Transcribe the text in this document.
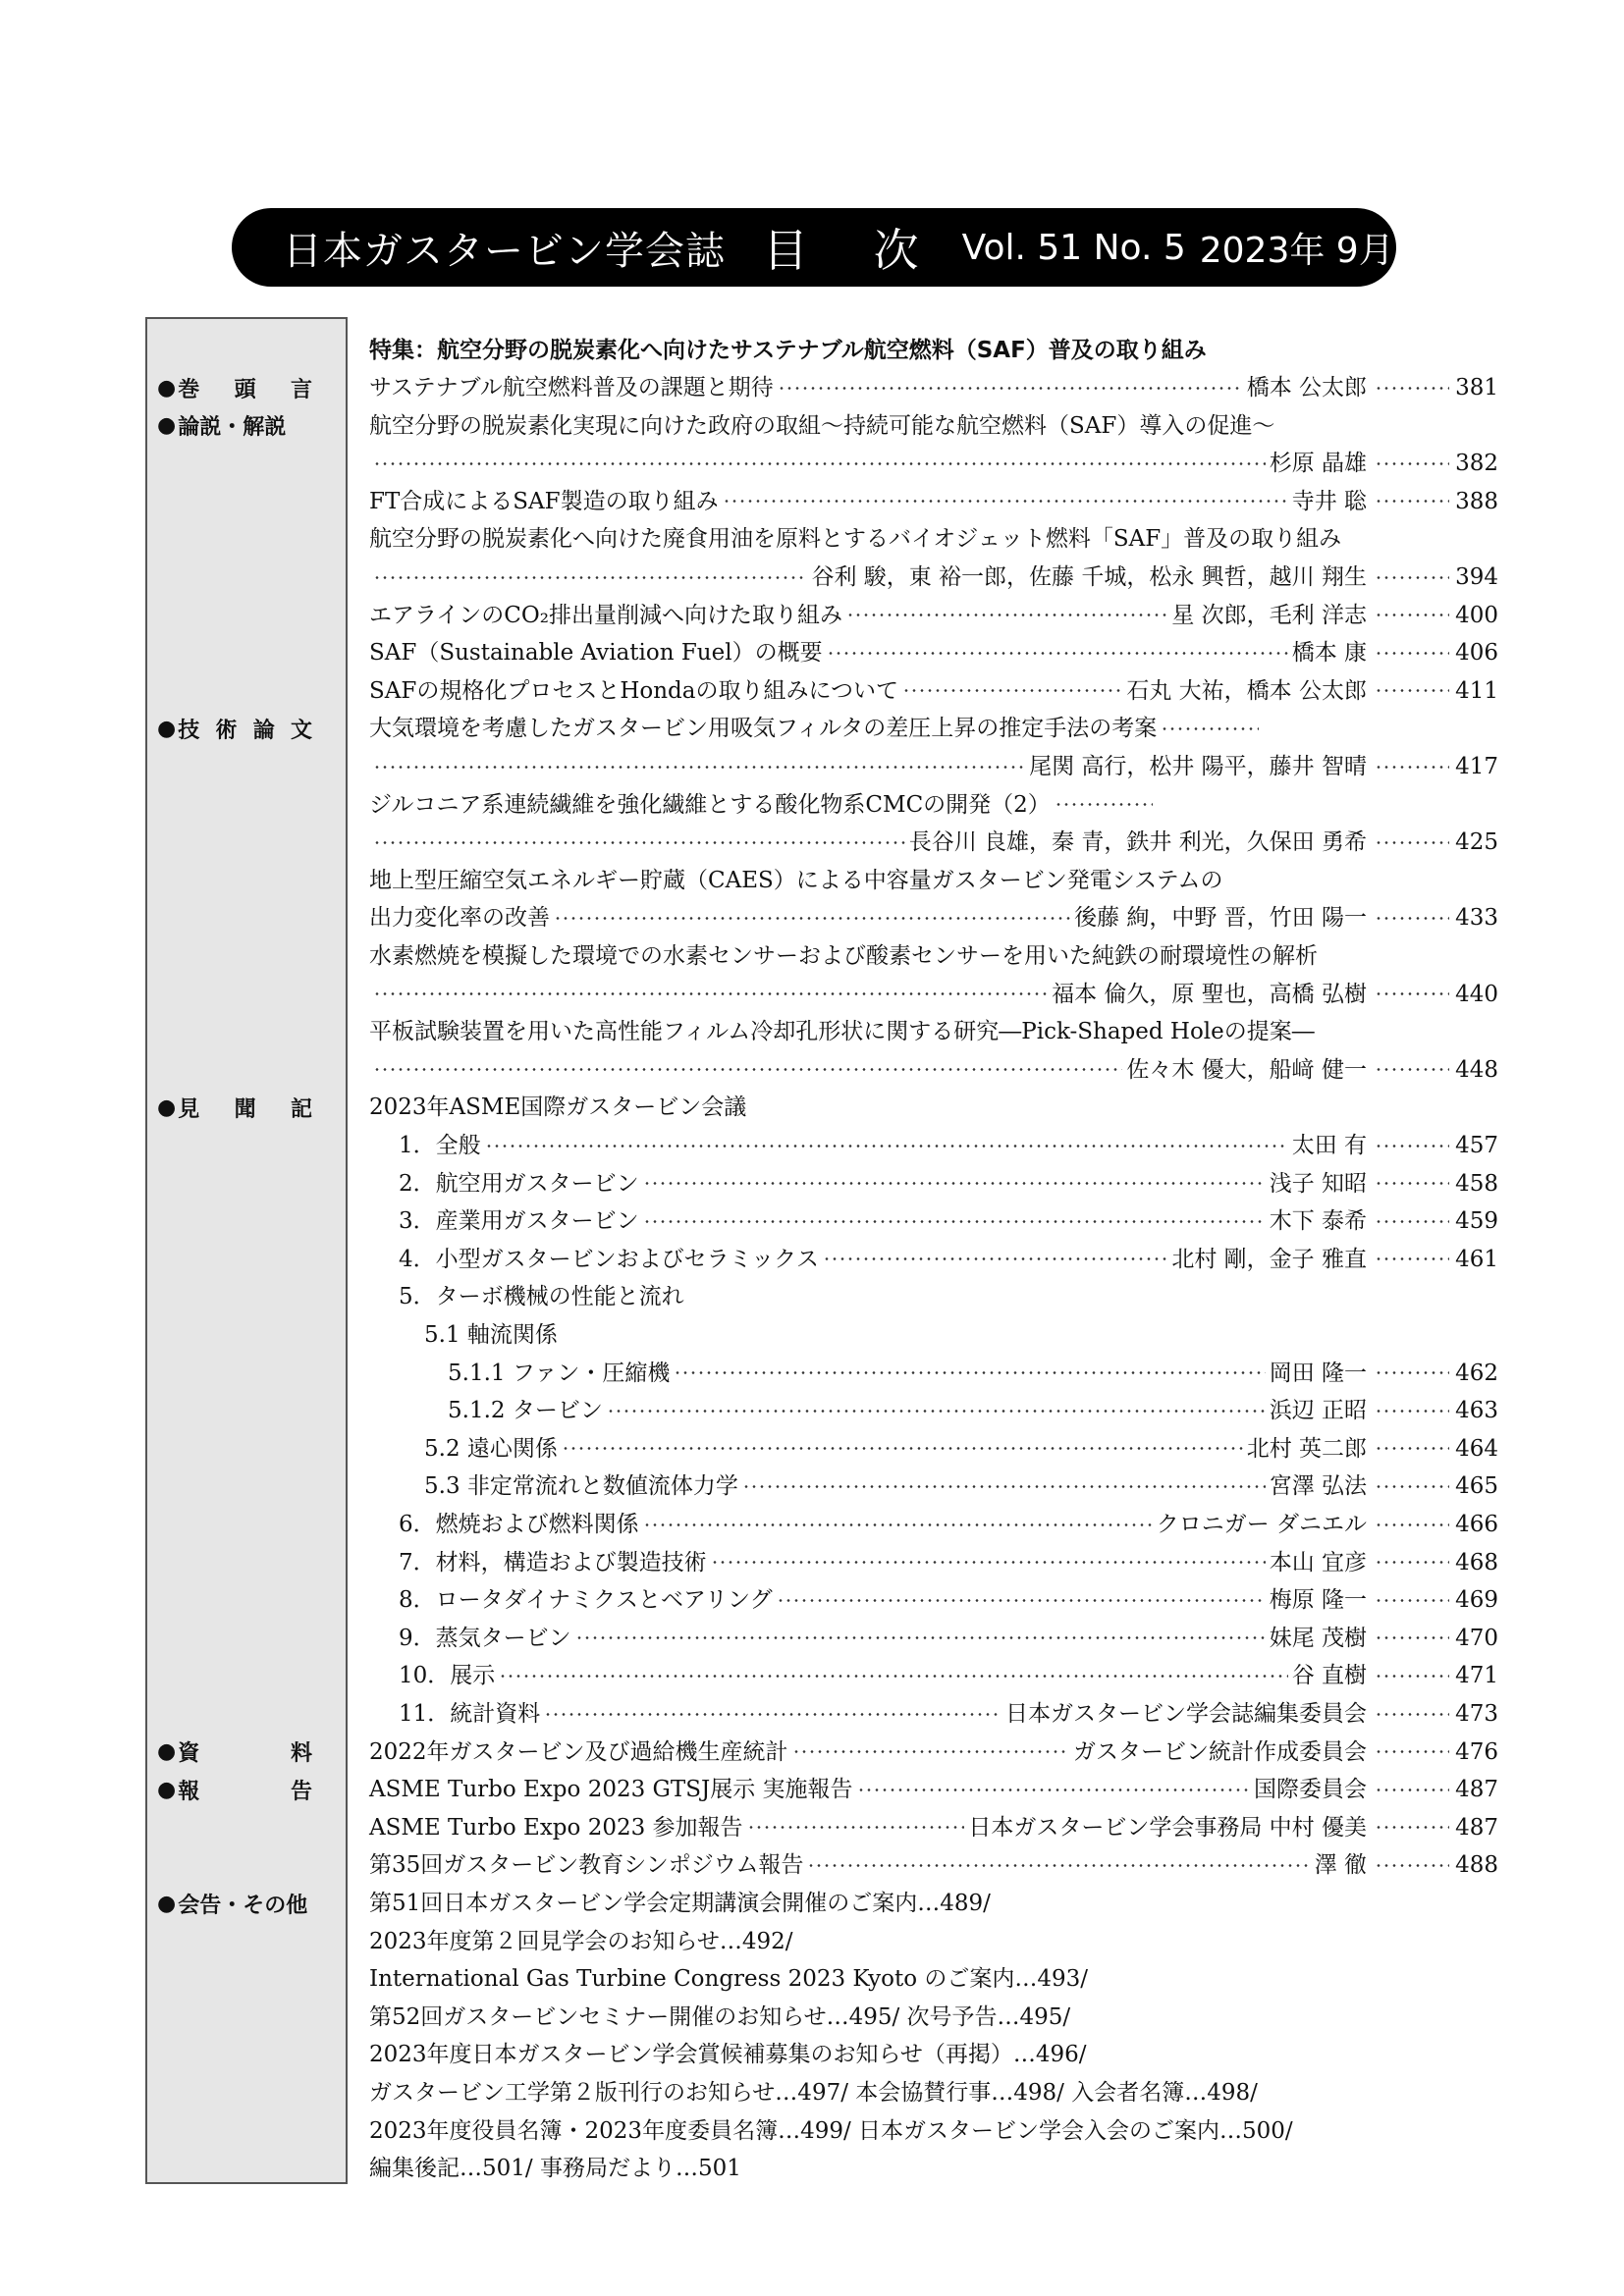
日本ガスタービン学会誌 目 次 Vol. 51 No. 5 2023年 9月
● 巻 頭 言
● 論説・解説
● 技 術 論 文
● 見 聞 記
● 資	料
● 報	告
● 会告・その他
特集：航空分野の脱炭素化へ向けたサステナブル航空燃料（SAF）普及の取り組み
サステナブル航空燃料普及の課題と期待	橋本 公太郎	381
航空分野の脱炭素化実現に向けた政府の取組～持続可能な航空燃料（SAF）導入の促進～
杉原 晶雄	382
FT合成によるSAF製造の取り組み	寺井 聡	388
航空分野の脱炭素化へ向けた廃食用油を原料とするバイオジェット燃料「SAF」普及の取り組み
谷利 駿，東 裕一郎，佐藤 千城，松永 興哲，越川 翔生	394
エアラインのCO₂排出量削減へ向けた取り組み	星 次郎，毛利 洋志	400
SAF（Sustainable Aviation Fuel）の概要	橋本 康	406
SAFの規格化プロセスとHondaの取り組みについて	石丸 大祐，橋本 公太郎	411
大気環境を考慮したガスタービン用吸気フィルタの差圧上昇の推定手法の考案
尾関 高行，松井 陽平，藤井 智晴	417
ジルコニア系連続繊維を強化繊維とする酸化物系CMCの開発（2）
長谷川 良雄，秦 青，鉄井 利光，久保田 勇希	425
地上型圧縮空気エネルギー貯蔵（CAES）による中容量ガスタービン発電システムの
出力変化率の改善	後藤 絢，中野 晋，竹田 陽一	433
水素燃焼を模擬した環境での水素センサーおよび酸素センサーを用いた純鉄の耐環境性の解析
福本 倫久，原 聖也，高橋 弘樹	440
平板試験装置を用いた高性能フィルム冷却孔形状に関する研究―Pick-Shaped Holeの提案―
佐々木 優大，船﨑 健一	448
2023年ASME国際ガスタービン会議
1．全般	太田 有	457
2．航空用ガスタービン	浅子 知昭	458
3．産業用ガスタービン	木下 泰希	459
4．小型ガスタービンおよびセラミックス	北村 剛，金子 雅直	461
5．ターボ機械の性能と流れ
5.1 軸流関係
5.1.1 ファン・圧縮機	岡田 隆一	462
5.1.2 タービン	浜辺 正昭	463
5.2 遠心関係	北村 英二郎	464
5.3 非定常流れと数値流体力学	宮澤 弘法	465
6．燃焼および燃料関係	クロニガー ダニエル	466
7．材料，構造および製造技術	本山 宜彦	468
8．ロータダイナミクスとベアリング	梅原 隆一	469
9．蒸気タービン	妹尾 茂樹	470
10．展示	谷 直樹	471
11．統計資料	日本ガスタービン学会誌編集委員会	473
2022年ガスタービン及び過給機生産統計	ガスタービン統計作成委員会	476
ASME Turbo Expo 2023 GTSJ展示 実施報告	国際委員会	487
ASME Turbo Expo 2023 参加報告	日本ガスタービン学会事務局 中村 優美	487
第35回ガスタービン教育シンポジウム報告	澤 徹	488
第51回日本ガスタービン学会定期講演会開催のご案内…489/
2023年度第２回見学会のお知らせ…492/
International Gas Turbine Congress 2023 Kyoto のご案内…493/
第52回ガスタービンセミナー開催のお知らせ…495/ 次号予告…495/
2023年度日本ガスタービン学会賞候補募集のお知らせ（再掲）…496/
ガスタービン工学第２版刊行のお知らせ…497/ 本会協賛行事…498/ 入会者名簿…498/
2023年度役員名簿・2023年度委員名簿…499/ 日本ガスタービン学会入会のご案内…500/
編集後記…501/ 事務局だより…501
